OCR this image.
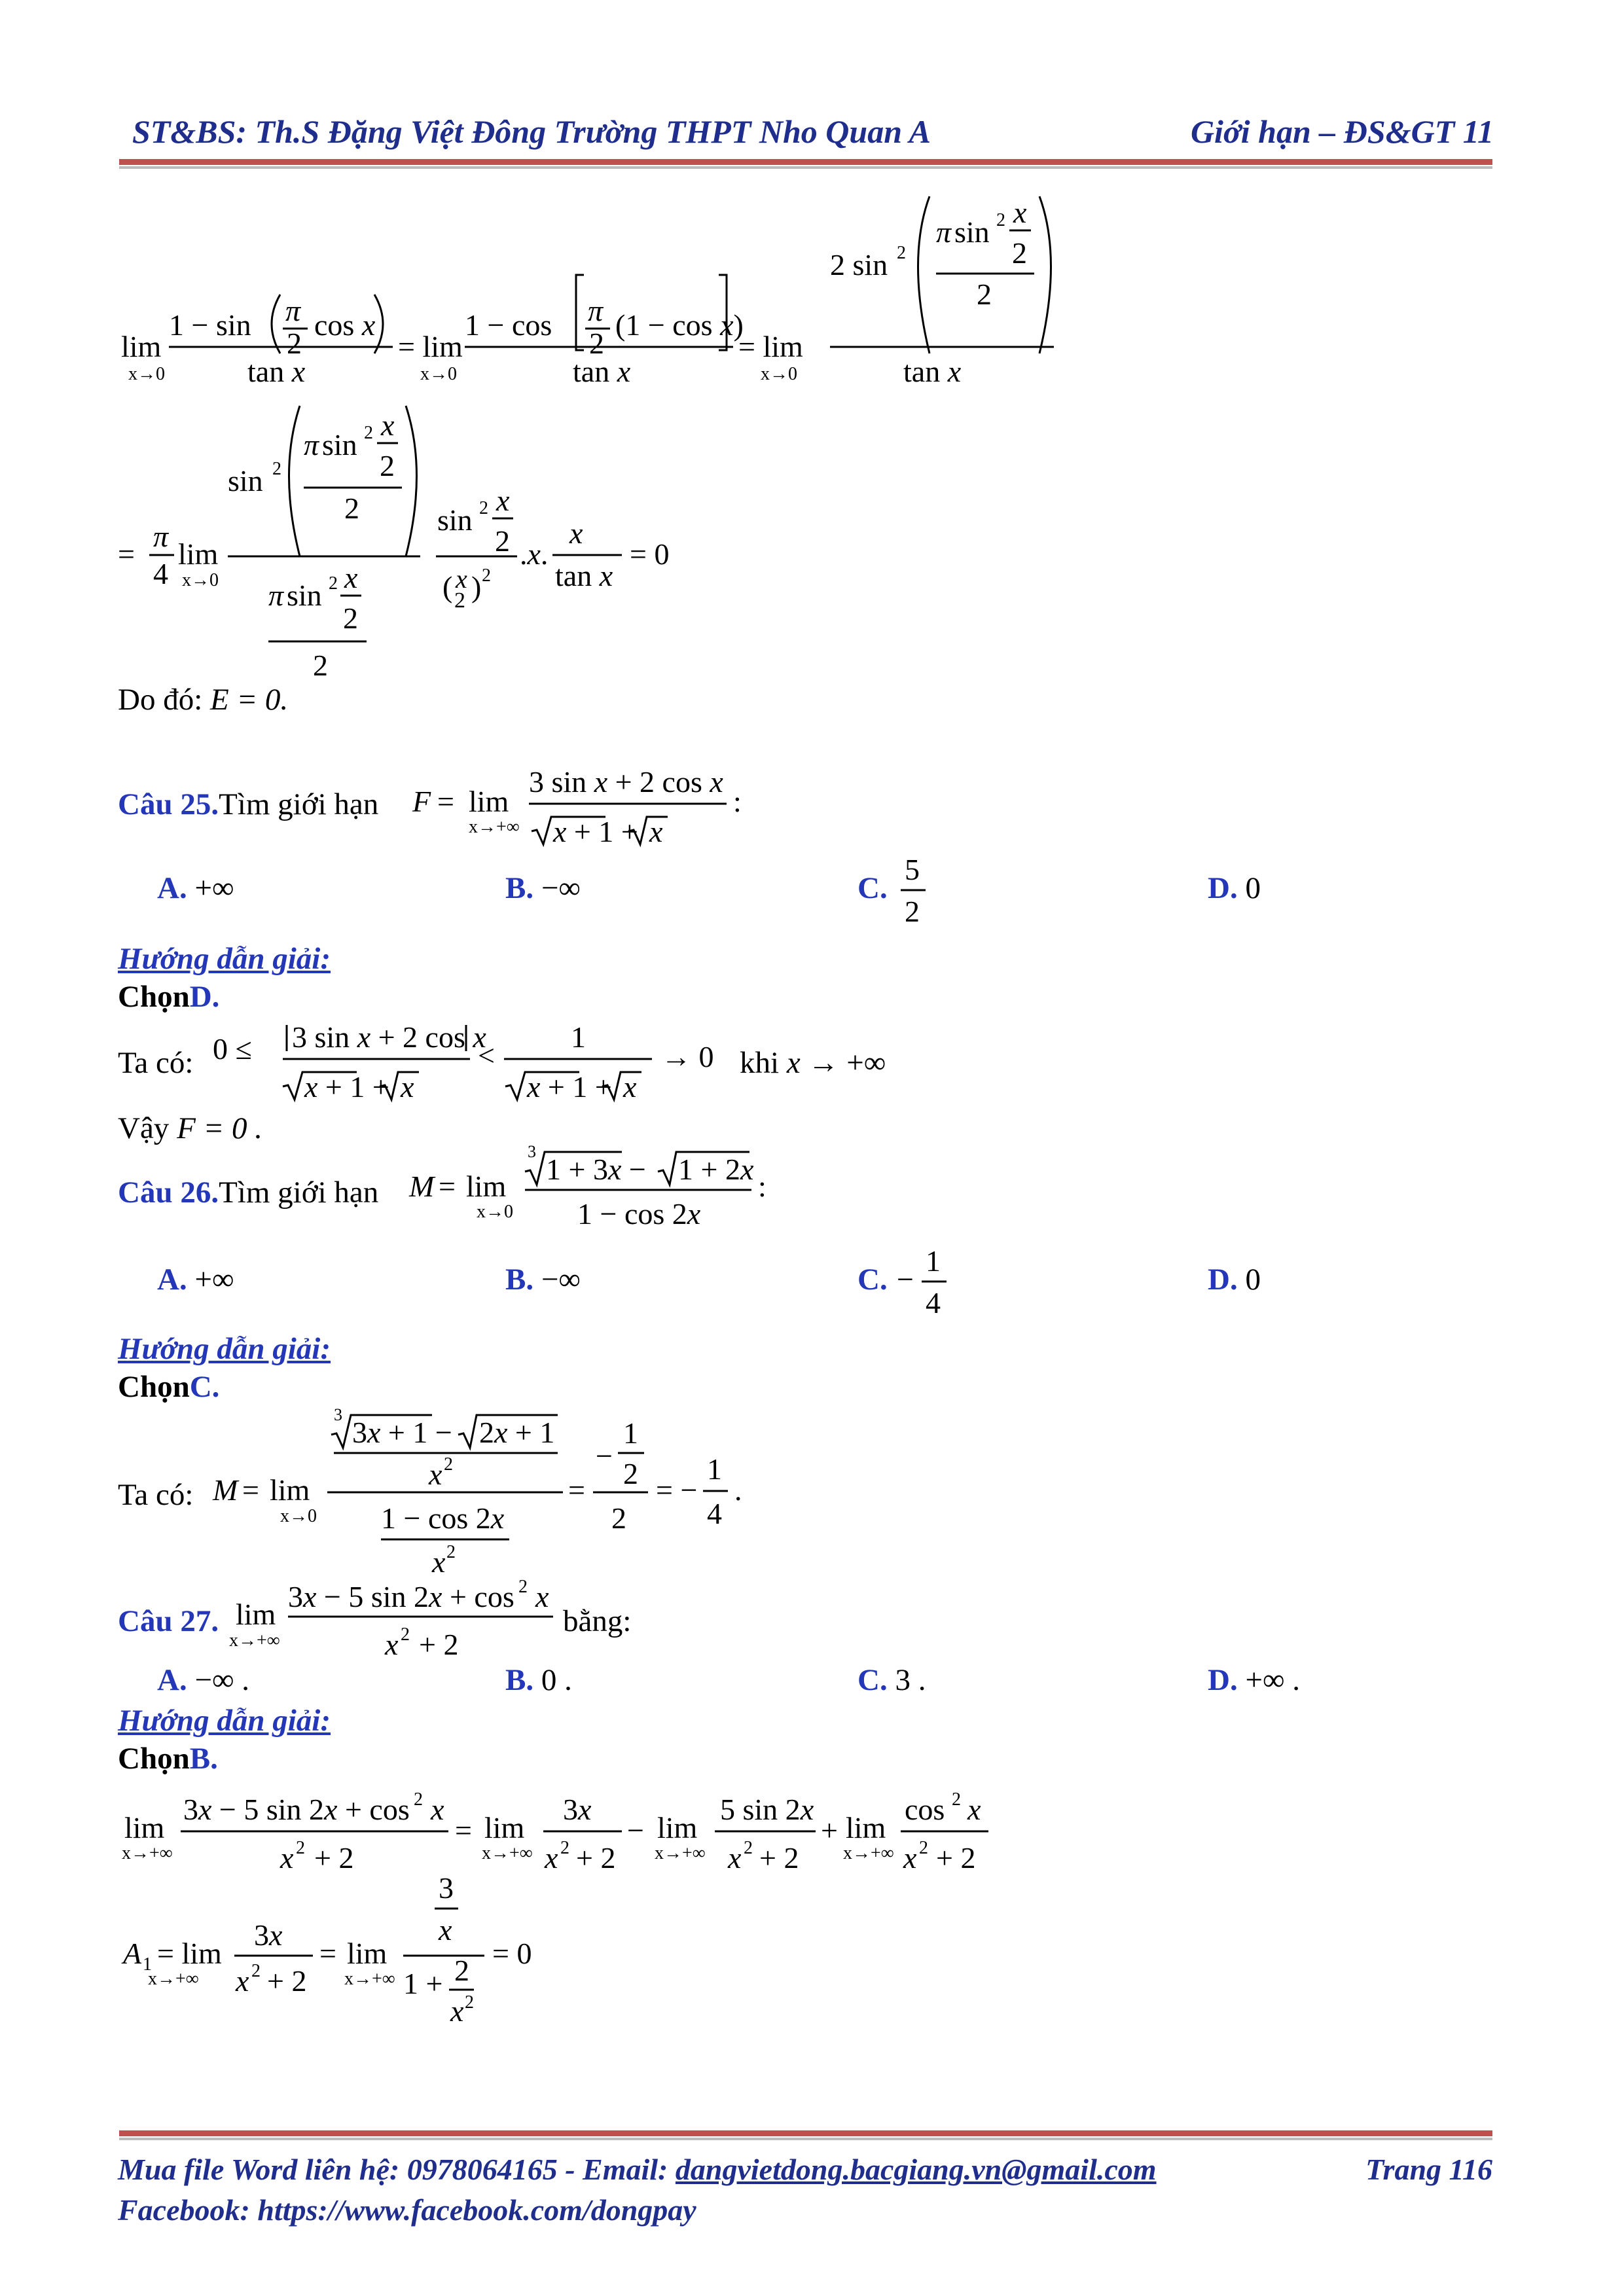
ST&BS: Th.S Đặng Việt Đông Trường THPT Nho Quan A	Giới hạn – ĐS&GT 11
lim
x→0
1 − sin π
2
cos x
tan x
= lim
x→0
1 − cos π
2
(1 − cos x)
tan x
= lim
x→0
2 sin 2
π sin 2 x
2
2
tan x
=
π
4
lim
x→0
sin 2
π sin 2 x
2
2
π sin 2 x
2
2
sin 2 x
2
( x
2 ) 2
.x.
x
tan x
= 0
Do đó: E = 0.
Câu 25.Tìm giới hạn F = lim
x→+∞
3 sin x + 2 cos x
x + 1 + x
:
A. +∞	B. −∞	C.
5
2
D. 0
Hướng dẫn giải:
ChọnD.
Ta có: 0 ≤ 3 sin x + 2 cos x
x + 1 + x
<
1
x + 1 + x
→ 0 khi x → +∞
Vậy F = 0 .
Câu 26.Tìm giới hạn M = lim
x→0
3
1 + 3x − 1 + 2x
1 − cos 2x
:
A. +∞	B. −∞	C. −
1
4
D. 0
Hướng dẫn giải:
ChọnC.
Ta có: M = lim
x→0
3
3x + 1 − 2x + 1
x 2
1 − cos 2x
x 2
=
−
1
2
2
= −
1
4
.
Câu 27. lim
x→+∞
3x − 5 sin 2x + cos 2 x
x 2 + 2
bằng:
A. −∞ .	B. 0 .	C. 3 .	D. +∞ .
Hướng dẫn giải:
ChọnB.
lim
x→+∞
3x − 5 sin 2x + cos 2 x
x 2 + 2
= lim
x→+∞
3x
x 2 + 2
− lim
x→+∞
5 sin 2x
x 2 + 2
+ lim
x→+∞
cos 2 x
x 2 + 2
A 1 = lim
x→+∞
3x
x 2 + 2
= lim
x→+∞
3
x
1 + 2
x 2
= 0
Mua file Word liên hệ: 0978064165 - Email: dangvietdong.bacgiang.vn@gmail.com	Trang 116
Facebook: https://www.facebook.com/dongpay
